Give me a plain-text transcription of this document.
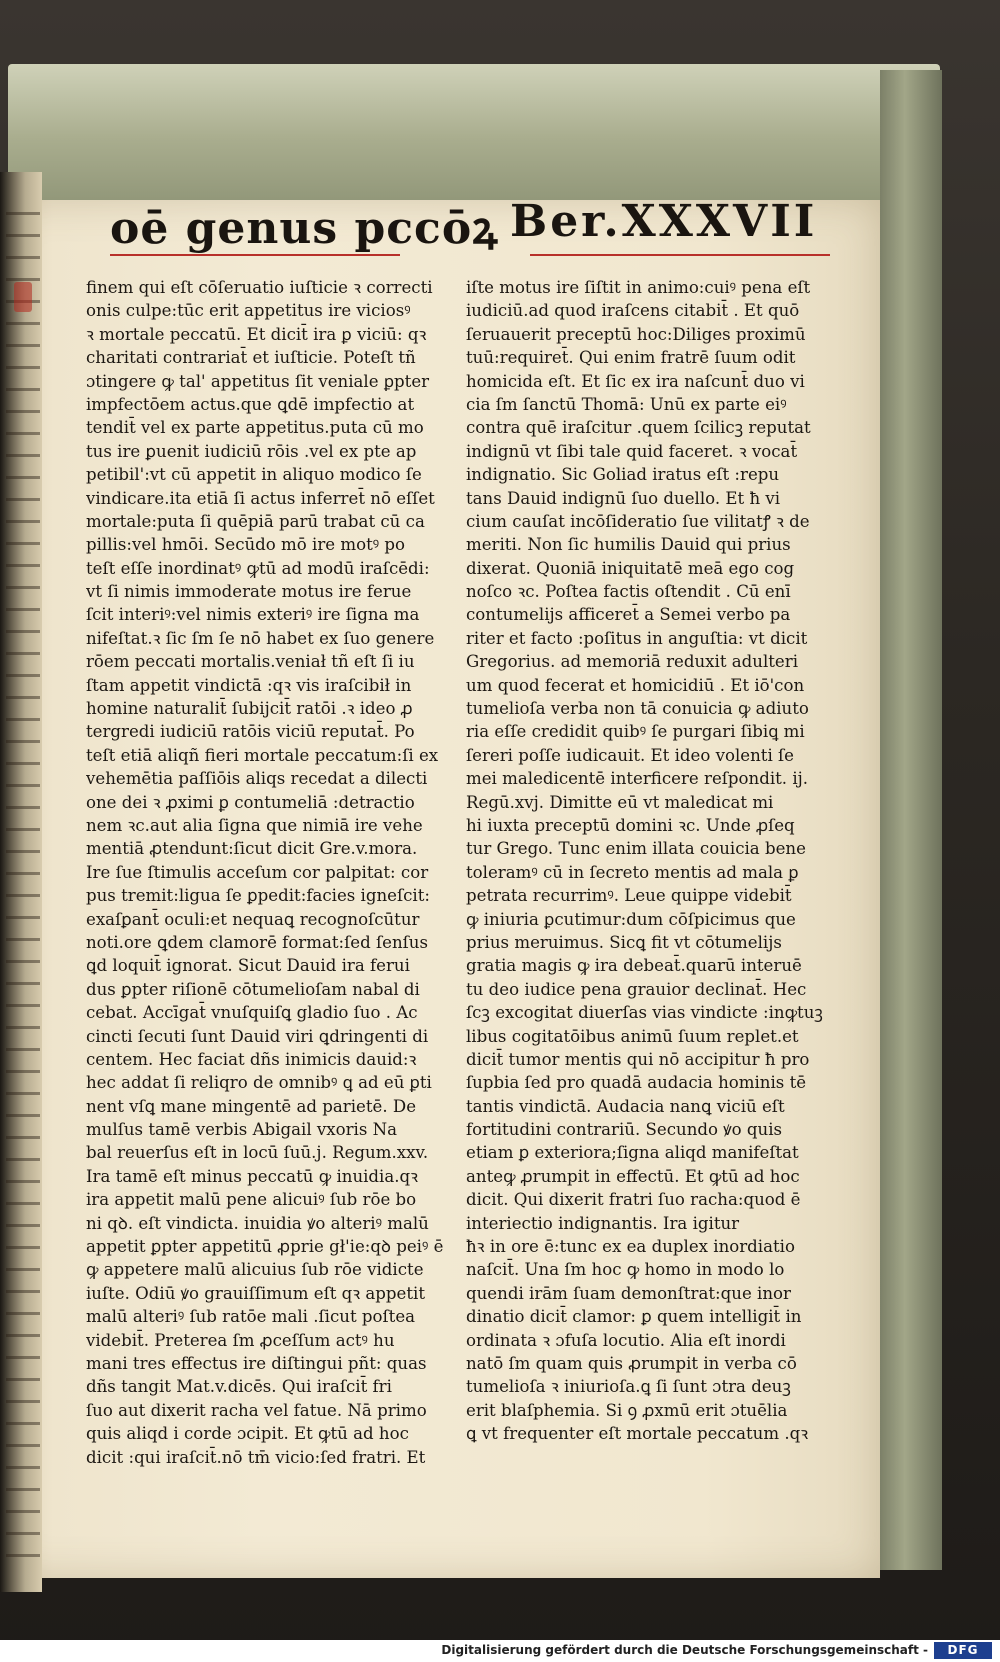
oē genus pccōꝝ Ber.XXXVII
finem qui eſt cōſeruatio iuſticie ꝛ correcti
onis culpe:tūc erit appetitus ire viciosꝰ
ꝛ mortale peccatū. Et dicit̄ ira ꝑ viciū: qꝛ
charitati contrariat̄ et iuſticie. Poteſt tñ
ɔtingere ꝙ tal' appetitus ſit veniale ꝑpter
impfectōem actus.que ꝗdē impfectio at
tendit̄ vel ex parte appetitus.puta cū mo
tus ire ꝑuenit iudiciū rōis .vel ex pte ap
petibil':vt cū appetit in aliquo modico ſe
vindicare.ita etiā ſi actus inferret̄ nō eſſet
mortale:puta ſi quēpiā parū trabat cū ca
pillis:vel hmōi. Secūdo mō ire motꝰ po
teſt eſſe inordinatꝰ ꝙtū ad modū iraſcēdi:
vt ſi nimis immoderate motus ire ferue
ſcit interiꝰ:vel nimis exteriꝰ ire ſigna ma
nifeſtat.ꝛ ſic ſm ſe nō habet ex ſuo genere
rōem peccati mortalis.veniał tñ eſt ſi iu
ſtam appetit vindictā :qꝛ vis iraſcibił in
homine naturalit̄ ſubijcit̄ ratōi .ꝛ ideo ꝓ
tergredi iudiciū ratōis viciū reputat̄. Po
teſt etiā aliqñ fieri mortale peccatum:ſi ex
vehemētia paſſiōis aliqs recedat a dilecti
one dei ꝛ ꝓximi ꝑ contumeliā :detractio
nem ꝛc.aut alia ſigna que nimiā ire vehe
mentiā ꝓtendunt:ſicut dicit Gre.v.mora.
Ire ſue ſtimulis acceſum cor palpitat: cor
pus tremit:ligua ſe ꝑpedit:facies igneſcit:
exaſꝑant̄ oculi:et nequaꝗ recognoſcūtur
noti.ore ꝗdem clamorē format:ſed ſenſus
ꝗd loquit̄ ignorat. Sicut Dauid ira ferui
dus ꝑpter riſionē cōtumelioſam nabal di
cebat. Accīgat̄ vnuſquiſꝗ gladio ſuo . Ac
cincti ſecuti ſunt Dauid viri ꝗdringenti di
centem. Hec faciat dñs inimicis dauid:ꝛ
hec addat ſi reliqro de omnibꝰ ꝗ ad eū ꝑti
nent vſꝗ mane mingentē ad parietē. De
mulſus tamē verbis Abigail vxoris Na
bal reuerſus eſt in locū ſuū.j. Regum.xxv.
Ira tamē eſt minus peccatū ꝙ inuidia.qꝛ
ira appetit malū pene alicuiꝰ ſub rōe bo
ni qꝺ. eſt vindicta. inuidia ꝟo alteriꝰ malū
appetit ꝑpter appetitū ꝓprie gł'ie:qꝺ peiꝰ ē
ꝙ appetere malū alicuius ſub rōe vidicte
iuſte. Odiū ꝟo grauiſſimum eſt qꝛ appetit
malū alteriꝰ ſub ratōe mali .ſicut poſtea
videbit̄. Preterea ſm ꝓceſſum actꝰ hu
mani tres effectus ire diſtingui pñt: quas
dñs tangit Mat.v.dicēs. Qui iraſcit̄ fri
ſuo aut dixerit racha vel fatue. Nā primo
quis aliqd i corde ɔcipit. Et ꝙtū ad hoc
dicit :qui iraſcit̄.nō tm̄ vicio:ſed fratri. Et
iſte motus ire ſiſtit in animo:cuiꝰ pena eſt
iudiciū.ad quod iraſcens citabit̄ . Et quō
ſeruauerit preceptū hoc:Diliges proximū
tuū:requiret̄. Qui enim fratrē ſuum odit
homicida eſt. Et ſic ex ira naſcunt̄ duo vi
cia ſm ſanctū Thomā: Unū ex parte eiꝰ
contra quē iraſcitur .quem ſcilicꝫ reputat
indignū vt ſibi tale quid faceret. ꝛ vocat̄
indignatio. Sic Goliad iratus eſt :repu
tans Dauid indignū ſuo duello. Et ħ vi
cium cauſat incōſideratio ſue vilitatꝭ ꝛ de
meriti. Non ſic humilis Dauid qui prius
dixerat. Quoniā iniquitatē meā ego cog
noſco ꝛc. Poſtea factis oſtendit . Cū enī
contumelijs afficeret̄ a Semei verbo pa
riter et facto :poſitus in anguſtia: vt dicit
Gregorius. ad memoriā reduxit adulteri
um quod fecerat et homicidiū . Et iō'con
tumelioſa verba non tā conuicia ꝙ adiuto
ria eſſe credidit quibꝰ ſe purgari ſibiꝗ mi
ſereri poſſe iudicauit. Et ideo volenti ſe
mei maledicentē interficere reſpondit. ij.
Regū.xvj. Dimitte eū vt maledicat mi
hi iuxta preceptū domini ꝛc. Unde ꝓſeq
tur Grego. Tunc enim illata couicia bene
toleramꝰ cū in ſecreto mentis ad mala ꝑ
petrata recurrimꝰ. Leue quippe videbit̄
ꝙ iniuria ꝑcutimur:dum cōſpicimus que
prius meruimus. Sicꝗ fit vt cōtumelijs
gratia magis ꝙ ira debeat̄.quarū interuē
tu deo iudice pena grauior declinat̄. Hec
ſcꝫ excogitat diuerſas vias vindicte :inꝙtuꝫ
libus cogitatōibus animū ſuum replet.et
dicit̄ tumor mentis qui nō accipitur ħ pro
ſupbia ſed pro quadā audacia hominis tē
tantis vindictā. Audacia nanꝗ viciū eſt
fortitudini contrariū. Secundo ꝟo quis
etiam ꝑ exteriora;ſigna aliqd manifeſtat
anteꝙ ꝓrumpit in effectū. Et ꝙtū ad hoc
dicit. Qui dixerit fratri ſuo racha:quod ē
interiectio indignantis. Ira igitur
ħꝛ in ore ē:tunc ex ea duplex inordiatio
naſcit̄. Una ſm hoc ꝙ homo in modo lo
quendi irām ſuam demonſtrat:que inor
dinatio dicit̄ clamor: ꝑ quem intelligit̄ in
ordinata ꝛ ɔfuſa locutio. Alia eſt inordi
natō ſm quam quis ꝓrumpit in verba cō
tumelioſa ꝛ iniurioſa.ꝗ ſi ſunt ɔtra deuꝫ
erit blaſphemia. Si ꝯ ꝓxmū erit ɔtuēlia
ꝗ vt frequenter eſt mortale peccatum .qꝛ
Digitalisierung gefördert durch die Deutsche Forschungsgemeinschaft -	DFG
